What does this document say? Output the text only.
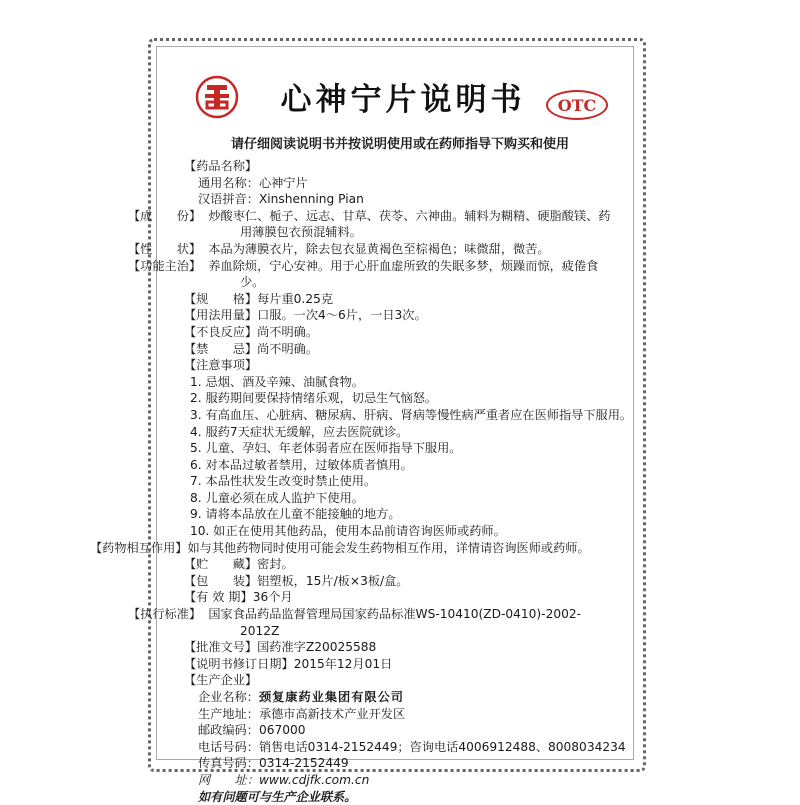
心神宁片说明书	OTC
请仔细阅读说明书并按说明使用或在药师指导下购买和使用
【药品名称】
通用名称：心神宁片
汉语拼音：Xinshenning Pian
【成　　份】 炒酸枣仁、栀子、远志、甘草、茯苓、六神曲。辅料为糊精、硬脂酸镁、药用薄膜包衣预混辅料。
【性　　状】 本品为薄膜衣片，除去包衣显黄褐色至棕褐色；味微甜，微苦。
【功能主治】 养血除烦，宁心安神。用于心肝血虚所致的失眠多梦，烦躁而惊，疲倦食少。
【规　　格】每片重0.25克
【用法用量】口服。一次4～6片，一日3次。
【不良反应】尚不明确。
【禁　　忌】尚不明确。
【注意事项】
1. 忌烟、酒及辛辣、油腻食物。
2. 服药期间要保持情绪乐观，切忌生气恼怒。
3. 有高血压、心脏病、糖尿病、肝病、肾病等慢性病严重者应在医师指导下服用。
4. 服药7天症状无缓解，应去医院就诊。
5. 儿童、孕妇、年老体弱者应在医师指导下服用。
6. 对本品过敏者禁用，过敏体质者慎用。
7. 本品性状发生改变时禁止使用。
8. 儿童必须在成人监护下使用。
9. 请将本品放在儿童不能接触的地方。
10. 如正在使用其他药品，使用本品前请咨询医师或药师。
【药物相互作用】如与其他药物同时使用可能会发生药物相互作用，详情请咨询医师或药师。
【贮　　藏】密封。
【包　　装】铝塑板，15片/板×3板/盒。
【有 效 期】36个月
【执行标准】 国家食品药品监督管理局国家药品标准WS-10410(ZD-0410)-2002-2012Z
【批准文号】国药准字Z20025588
【说明书修订日期】2015年12月01日
【生产企业】
企业名称：颈复康药业集团有限公司
生产地址：承德市高新技术产业开发区
邮政编码：067000
电话号码：销售电话0314-2152449；咨询电话4006912488、8008034234
传真号码：0314-2152449
网　　址：www.cdjfk.com.cn
如有问题可与生产企业联系。
